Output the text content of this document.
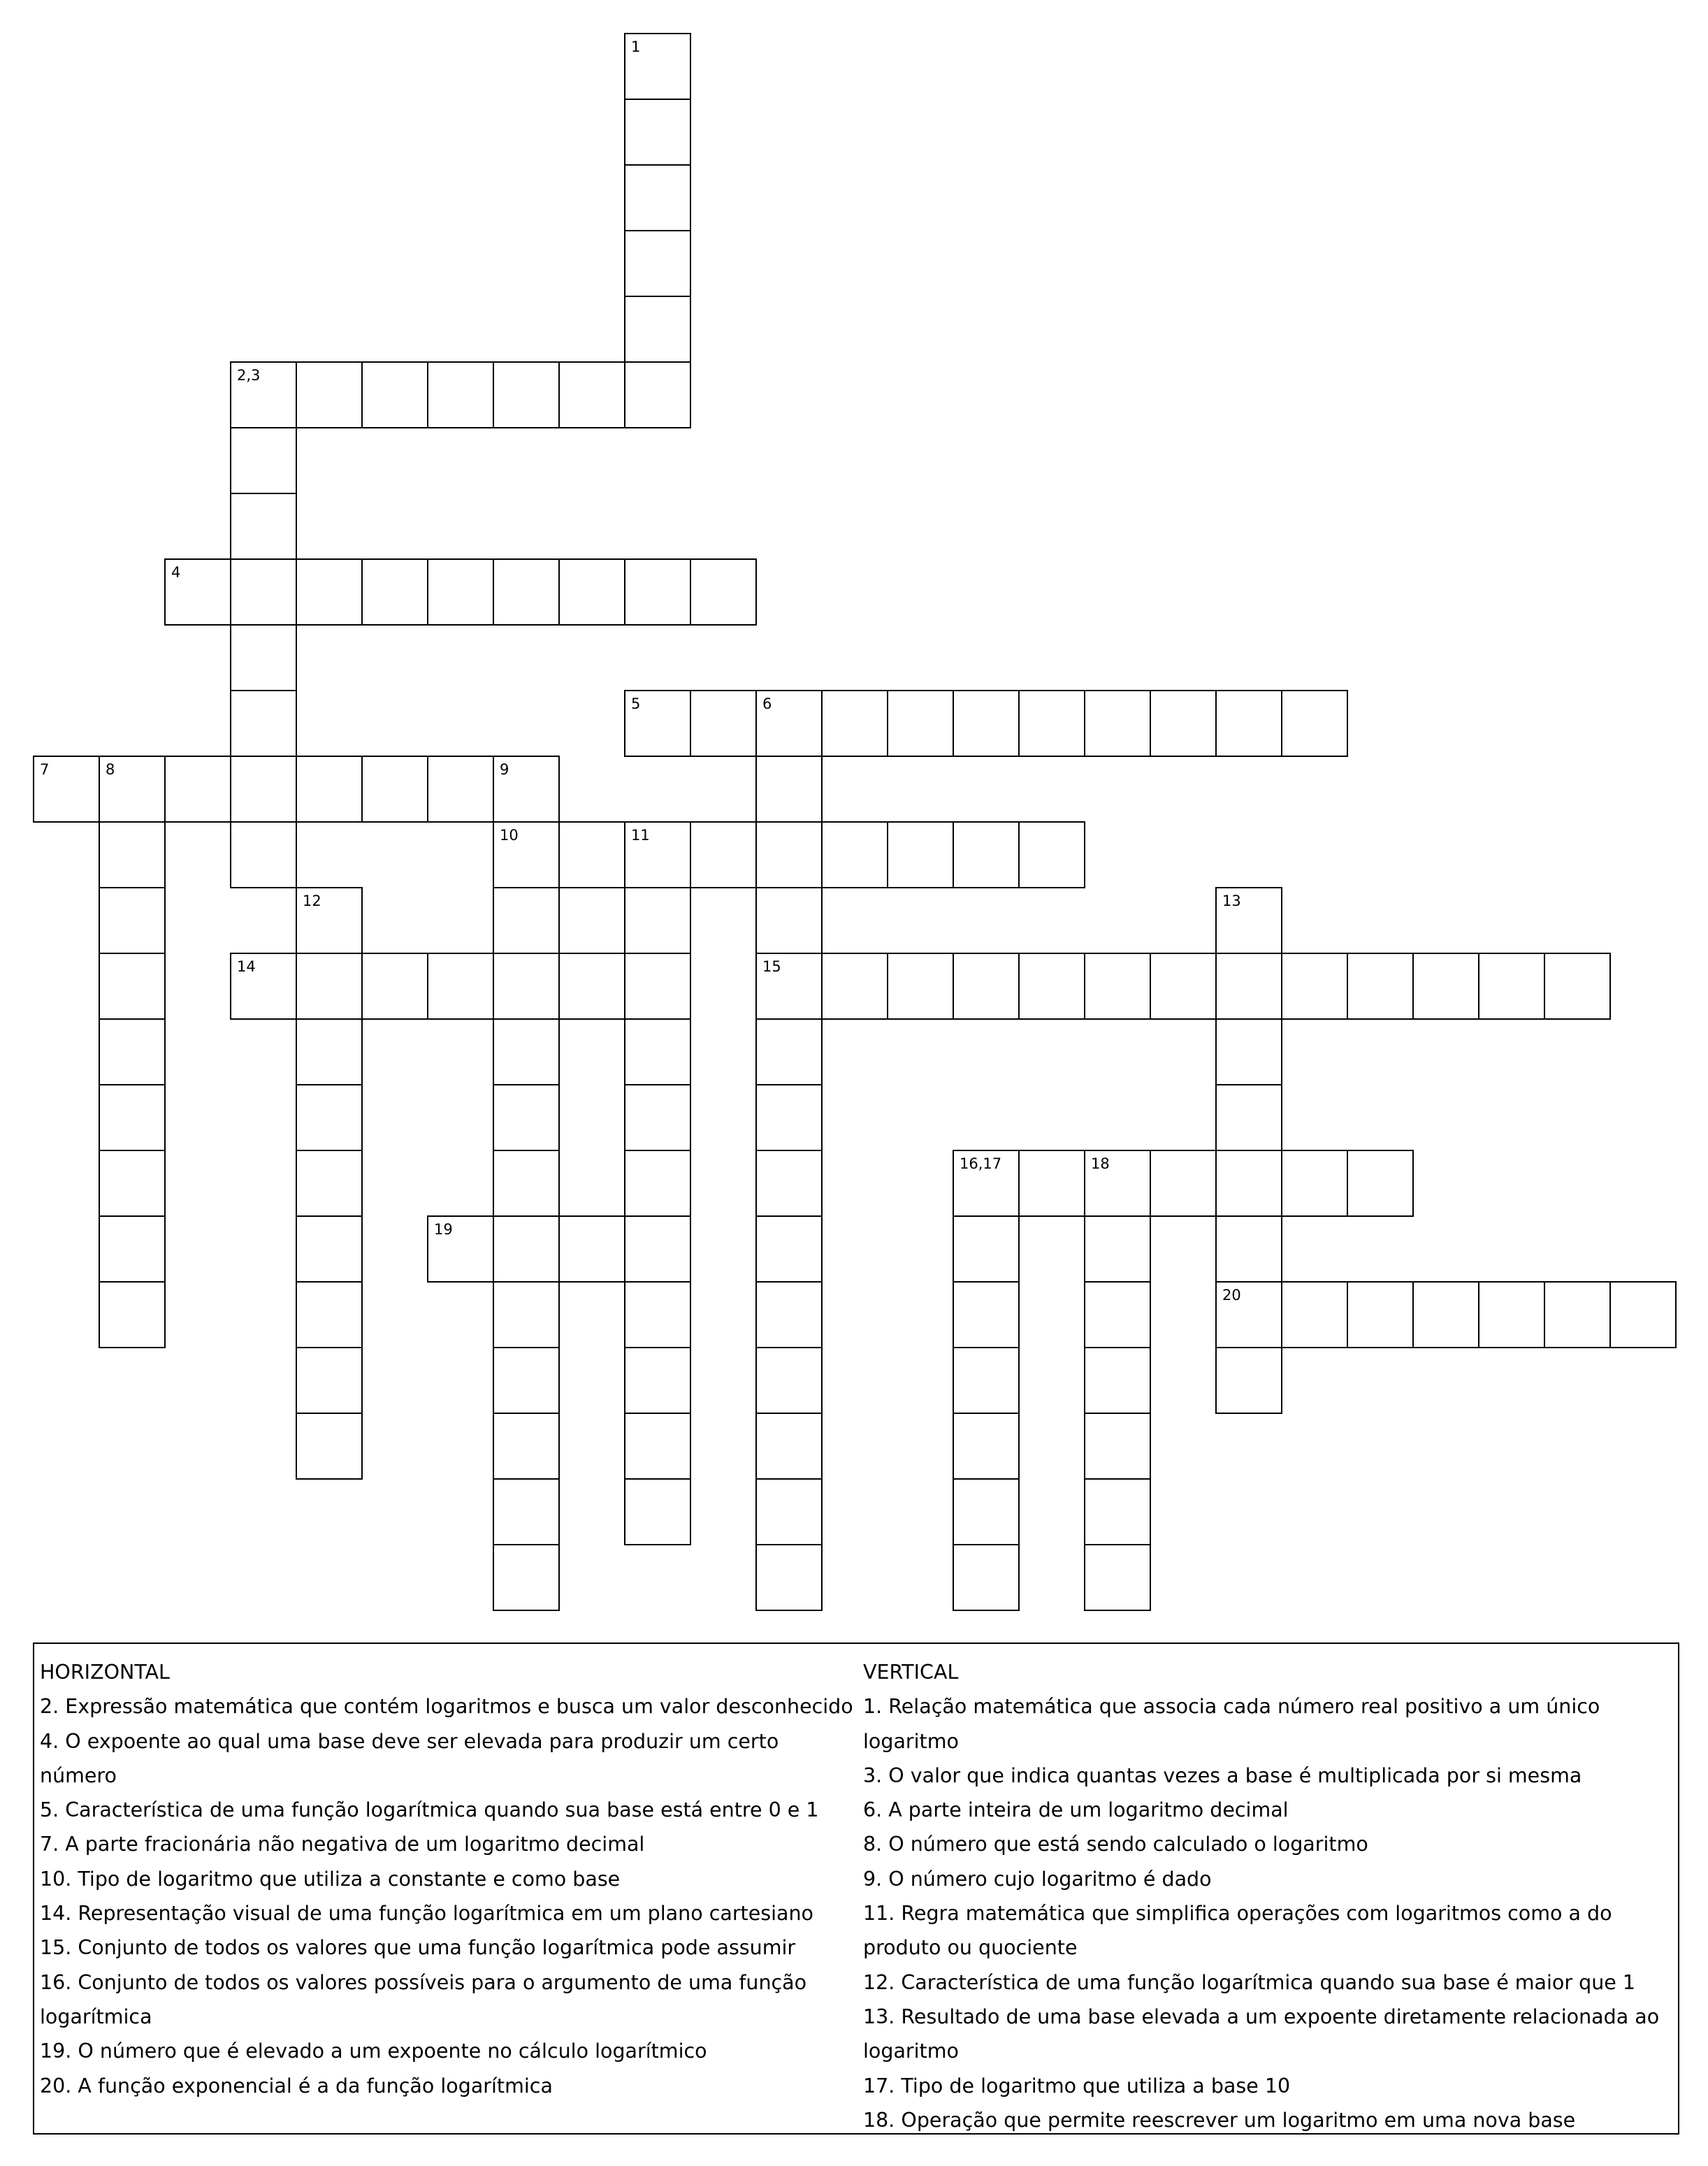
1
2,3
4
5	6
15
7	8	9
10	11
12	13
20
14
16,17	18
19
HORIZONTAL
2. Expressão matemática que contém logaritmos e busca um valor desconhecido
4. O expoente ao qual uma base deve ser elevada para produzir um certo número
5. Característica de uma função logarítmica quando sua base está entre 0 e 1
7. A parte fracionária não negativa de um logaritmo decimal
10. Tipo de logaritmo que utiliza a constante e como base
14. Representação visual de uma função logarítmica em um plano cartesiano
15. Conjunto de todos os valores que uma função logarítmica pode assumir
16. Conjunto de todos os valores possíveis para o argumento de uma função logarítmica
19. O número que é elevado a um expoente no cálculo logarítmico
20. A função exponencial é a da função logarítmica
VERTICAL
1. Relação matemática que associa cada número real positivo a um único logaritmo
3. O valor que indica quantas vezes a base é multiplicada por si mesma
6. A parte inteira de um logaritmo decimal
8. O número que está sendo calculado o logaritmo
9. O número cujo logaritmo é dado
11. Regra matemática que simplifica operações com logaritmos como a do produto ou quociente
12. Característica de uma função logarítmica quando sua base é maior que 1
13. Resultado de uma base elevada a um expoente diretamente relacionada ao logaritmo
17. Tipo de logaritmo que utiliza a base 10
18. Operação que permite reescrever um logaritmo em uma nova base
